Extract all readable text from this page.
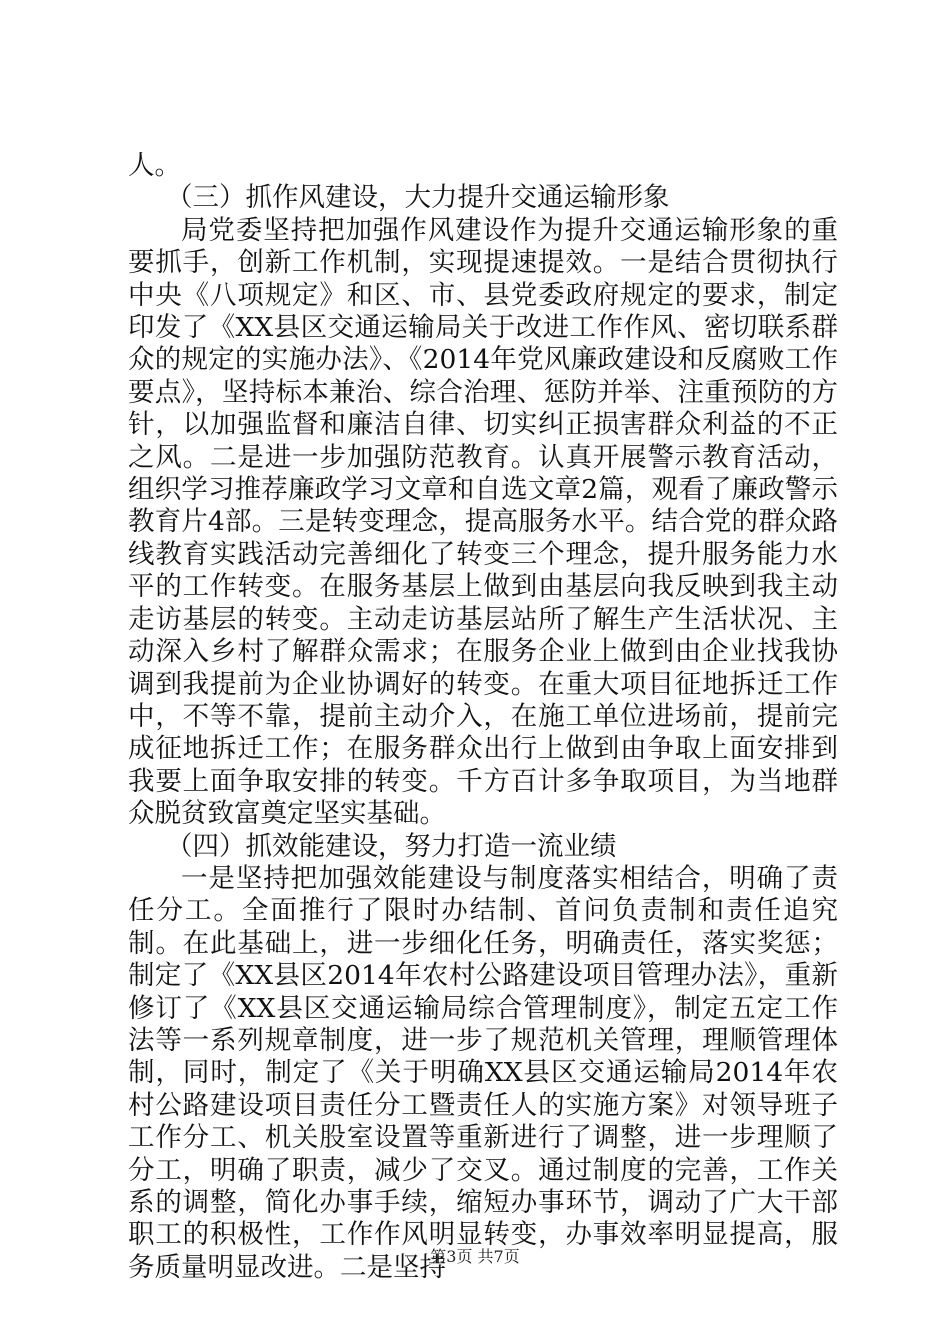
人。

（三）抓作风建设，大力提升交通运输形象

局党委坚持把加强作风建设作为提升交通运输形象的重要抓手，创新工作机制，实现提速提效。一是结合贯彻执行中央《八项规定》和区、市、县党委政府规定的要求，制定印发了《XX县区交通运输局关于改进工作作风、密切联系群众的规定的实施办法》、《2014年党风廉政建设和反腐败工作要点》，坚持标本兼治、综合治理、惩防并举、注重预防的方针，以加强监督和廉洁自律、切实纠正损害群众利益的不正之风。二是进一步加强防范教育。认真开展警示教育活动，组织学习推荐廉政学习文章和自选文章2篇，观看了廉政警示教育片4部。三是转变理念，提高服务水平。结合党的群众路线教育实践活动完善细化了转变三个理念，提升服务能力水平的工作转变。在服务基层上做到由基层向我反映到我主动走访基层的转变。主动走访基层站所了解生产生活状况、主动深入乡村了解群众需求；在服务企业上做到由企业找我协调到我提前为企业协调好的转变。在重大项目征地拆迁工作中，不等不靠，提前主动介入，在施工单位进场前，提前完成征地拆迁工作；在服务群众出行上做到由争取上面安排到我要上面争取安排的转变。千方百计多争取项目，为当地群众脱贫致富奠定坚实基础。

（四）抓效能建设，努力打造一流业绩

一是坚持把加强效能建设与制度落实相结合，明确了责任分工。全面推行了限时办结制、首问负责制和责任追究制。在此基础上，进一步细化任务，明确责任，落实奖惩；制定了《XX县区2014年农村公路建设项目管理办法》，重新修订了《XX县区交通运输局综合管理制度》，制定五定工作法等一系列规章制度，进一步了规范机关管理，理顺管理体制，同时，制定了《关于明确XX县区交通运输局2014年农村公路建设项目责任分工暨责任人的实施方案》对领导班子工作分工、机关股室设置等重新进行了调整，进一步理顺了分工，明确了职责，减少了交叉。通过制度的完善，工作关系的调整，简化办事手续，缩短办事环节，调动了广大干部职工的积极性，工作作风明显转变，办事效率明显提高，服务质量明显改进。二是坚持

第3页 共7页
